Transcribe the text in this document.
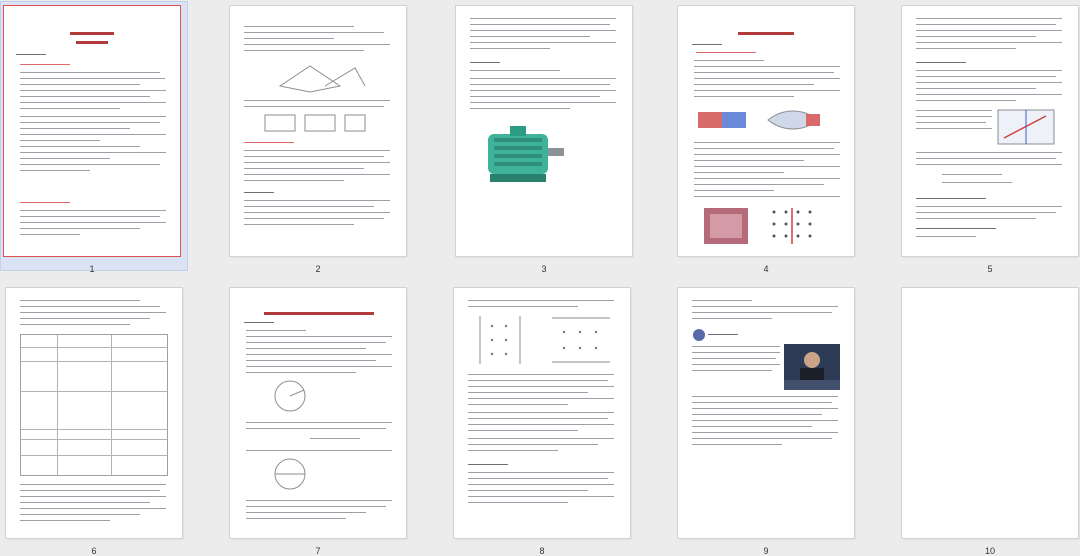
1	2	3	4	5
6	7	8	9	10
